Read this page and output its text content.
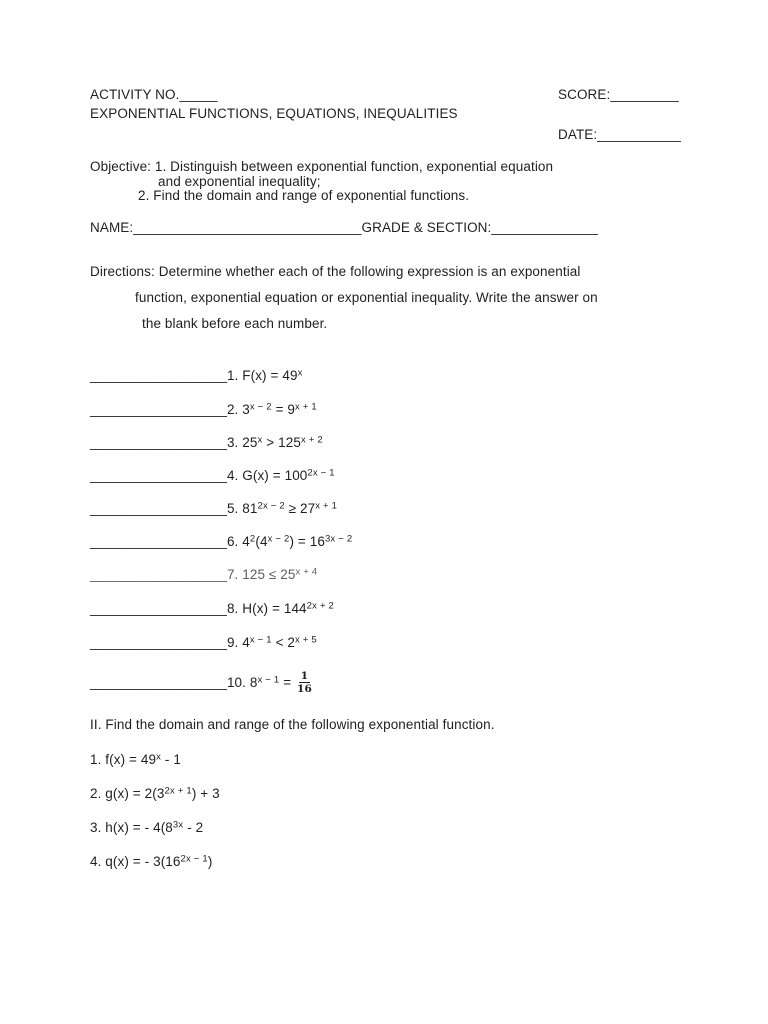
ACTIVITY NO._____	SCORE:_________
EXPONENTIAL FUNCTIONS, EQUATIONS, INEQUALITIES
DATE:___________
Objective: 1. Distinguish between exponential function, exponential equation
and exponential inequality;
2. Find the domain and range of exponential functions.
NAME:______________________________GRADE & SECTION:______________
Directions: Determine whether each of the following expression is an exponential
function, exponential equation or exponential inequality. Write the answer on
the blank before each number.
__________________1. $F(x) = 49^x$
__________________2. $3^{x - 2} = 9^{x + 1}$
__________________3. $25^x > 125^{x + 2}$
__________________4. $G(x) = 100^{2x - 1}$
__________________5. $81^{2x - 2} \ge 27^{x + 1}$
__________________6. $4^2(4^{x - 2}) = 16^{3x - 2}$
__________________7. $125 \le 25^{x + 4}$
__________________8. $H(x) = 144^{2x + 2}$
__________________9. $4^{x - 1} < 2^{x + 5}$
__________________10. $8^{x - 1} = \frac{1}{16}$
II. Find the domain and range of the following exponential function.
1. $f(x) = 49^x - 1$
2. $g(x) = 2(3^{2x + 1}) + 3$
3. h(x) = - $4(8^{3x} - 2$
4. q(x) = - $3(16^{2x - 1})$
